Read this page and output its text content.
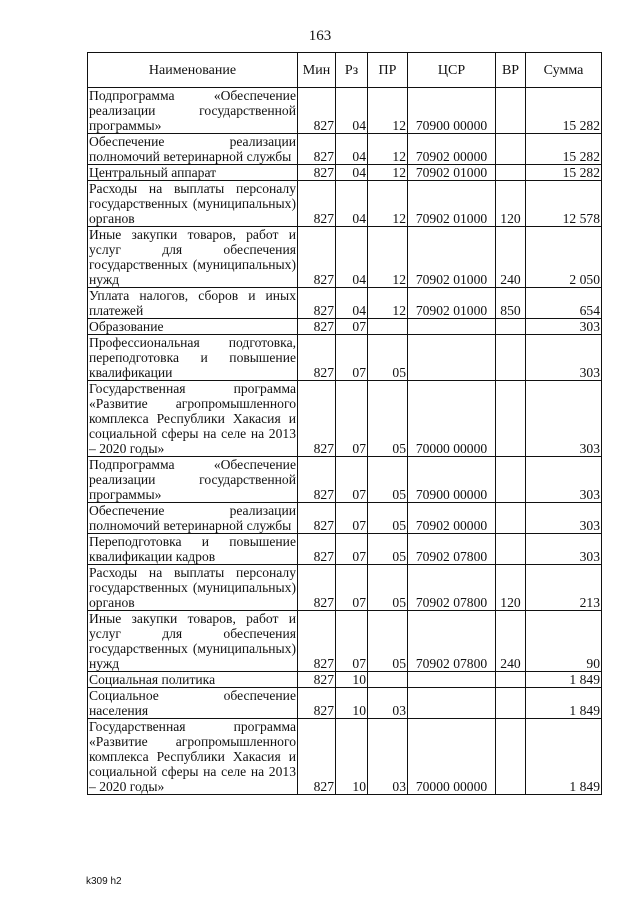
163
Наименование	Мин	Рз	ПР	ЦСР	ВР	Сумма
Подпрограмма «Обеспечение реализации государственной программы»	827	04	12	70900 00000		15 282
Обеспечение реализации полномочий ветеринарной службы	827	04	12	70902 00000		15 282
Центральный аппарат	827	04	12	70902 01000		15 282
Расходы на выплаты персоналу государственных (муниципальных) органов	827	04	12	70902 01000	120	12 578
Иные закупки товаров, работ и услуг для обеспечения государственных (муниципальных) нужд	827	04	12	70902 01000	240	2 050
Уплата налогов, сборов и иных платежей	827	04	12	70902 01000	850	654
Образование	827	07				303
Профессиональная подготовка, переподготовка и повышение квалификации	827	07	05			303
Государственная программа «Развитие агропромышленного комплекса Республики Хакасия и социальной сферы на селе на 2013 – 2020 годы»	827	07	05	70000 00000		303
Подпрограмма «Обеспечение реализации государственной программы»	827	07	05	70900 00000		303
Обеспечение реализации полномочий ветеринарной службы	827	07	05	70902 00000		303
Переподготовка и повышение квалификации кадров	827	07	05	70902 07800		303
Расходы на выплаты персоналу государственных (муниципальных) органов	827	07	05	70902 07800	120	213
Иные закупки товаров, работ и услуг для обеспечения государственных (муниципальных) нужд	827	07	05	70902 07800	240	90
Социальная политика	827	10				1 849
Социальное обеспечение населения	827	10	03			1 849
Государственная программа «Развитие агропромышленного комплекса Республики Хакасия и социальной сферы на селе на 2013 – 2020 годы»	827	10	03	70000 00000		1 849
k309 h2
